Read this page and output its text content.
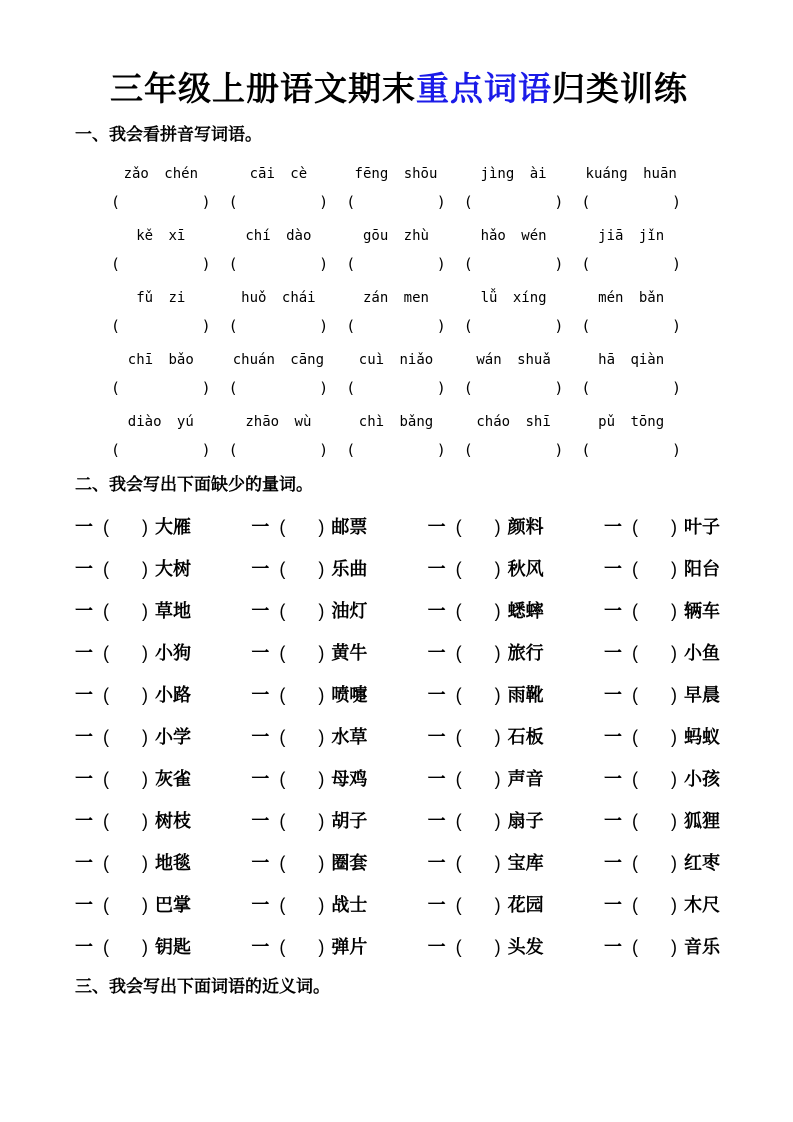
三年级上册语文期末重点词语归类训练
一、我会看拼音写词语。
zǎo chén	cāi cè	fēng shōu	jìng ài	kuáng huān
(	) (	) (	) (	) (	)
kě xī	chí dào	gōu zhù	hǎo wén	jiā jǐn
(	) (	) (	) (	) (	)
fǔ zi	huǒ chái	zán men	lǚ xíng	mén bǎn
(	) (	) (	) (	) (	)
chī bǎo	chuán cāng	cuì niǎo	wán shuǎ	hā qiàn
(	) (	) (	) (	) (	)
diào yú	zhāo wù	chì bǎng	cháo shī	pǔ tōng
(	) (	) (	) (	) (	)
二、我会写出下面缺少的量词。
一 ( ) 大雁	一 ( ) 邮票	一 ( ) 颜料	一 ( ) 叶子
一 ( ) 大树	一 ( ) 乐曲	一 ( ) 秋风	一 ( ) 阳台
一 ( ) 草地	一 ( ) 油灯	一 ( ) 蟋蟀	一 ( ) 辆车
一 ( ) 小狗	一 ( ) 黄牛	一 ( ) 旅行	一 ( ) 小鱼
一 ( ) 小路	一 ( ) 喷嚏	一 ( ) 雨靴	一 ( ) 早晨
一 ( ) 小学	一 ( ) 水草	一 ( ) 石板	一 ( ) 蚂蚁
一 ( ) 灰雀	一 ( ) 母鸡	一 ( ) 声音	一 ( ) 小孩
一 ( ) 树枝	一 ( ) 胡子	一 ( ) 扇子	一 ( ) 狐狸
一 ( ) 地毯	一 ( ) 圈套	一 ( ) 宝库	一 ( ) 红枣
一 ( ) 巴掌	一 ( ) 战士	一 ( ) 花园	一 ( ) 木尺
一 ( ) 钥匙	一 ( ) 弹片	一 ( ) 头发	一 ( ) 音乐
三、我会写出下面词语的近义词。
